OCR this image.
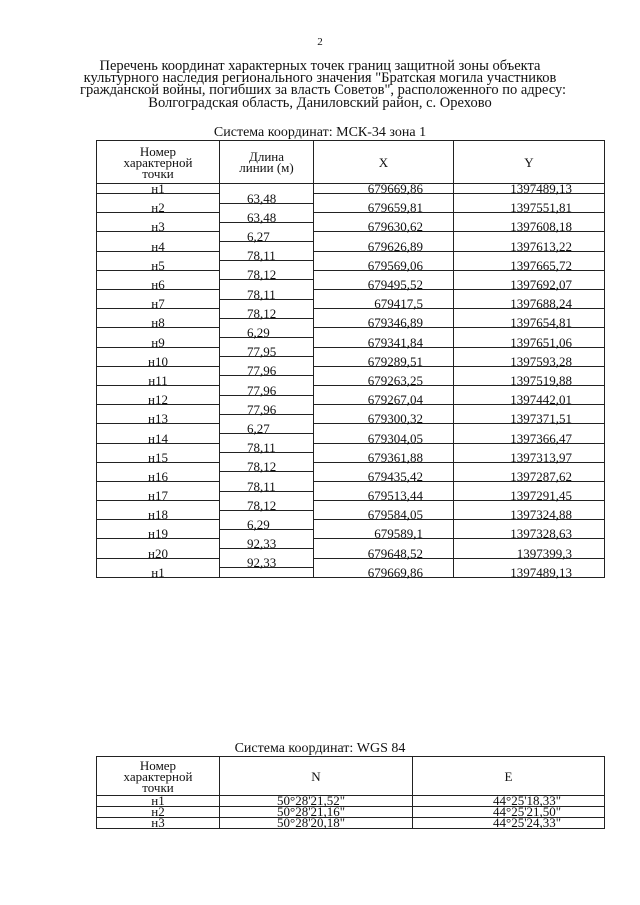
2
Перечень координат характерных точек границ защитной зоны объекта
культурного наследия регионального значения "Братская могила участников
гражданской войны, погибших за власть Советов", расположенного по адресу:
Волгоградская область, Даниловский район, с. Орехово
Система координат: МСК-34 зона 1
Номер
характерной
точки	Длина
линии (м)	X	Y
н1		679669,86	1397489,13
	63,48		
н2		679659,81	1397551,81
	63,48		
н3		679630,62	1397608,18
	6,27		
н4		679626,89	1397613,22
	78,11		
н5		679569,06	1397665,72
	78,12		
н6		679495,52	1397692,07
	78,11		
н7		679417,5	1397688,24
	78,12		
н8		679346,89	1397654,81
	6,29		
н9		679341,84	1397651,06
	77,95		
н10		679289,51	1397593,28
	77,96		
н11		679263,25	1397519,88
	77,96		
н12		679267,04	1397442,01
	77,96		
н13		679300,32	1397371,51
	6,27		
н14		679304,05	1397366,47
	78,11		
н15		679361,88	1397313,97
	78,12		
н16		679435,42	1397287,62
	78,11		
н17		679513,44	1397291,45
	78,12		
н18		679584,05	1397324,88
	6,29		
н19		679589,1	1397328,63
	92,33		
н20		679648,52	1397399,3
	92,33		
н1		679669,86	1397489,13
Система координат: WGS 84
Номер
характерной
точки	N	E
н1	50°28'21,52"	44°25'18,33"
н2	50°28'21,16"	44°25'21,50"
н3	50°28'20,18"	44°25'24,33"
